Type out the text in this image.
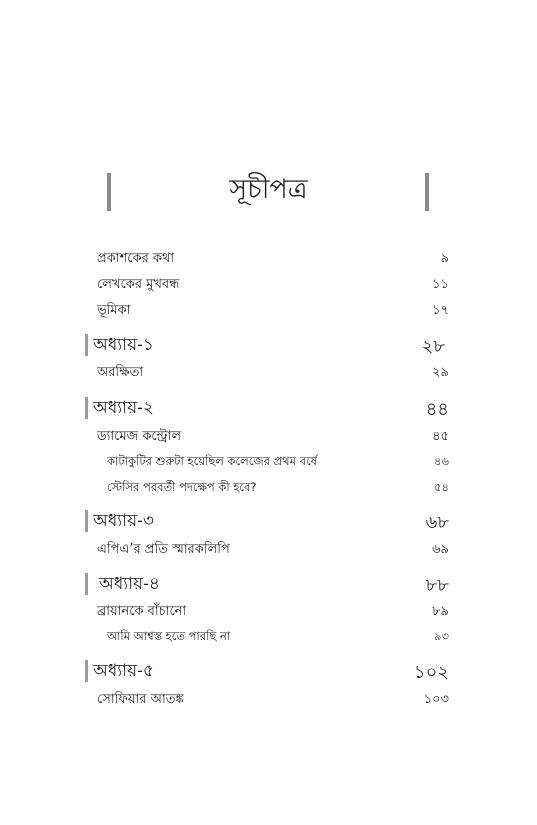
সূচীপত্র
প্রকাশকের কথা	৯
লেখকের মুখবন্ধ	১১
ভূমিকা	১৭
অধ্যায়-১	২৮
অরক্ষিতা	২৯
অধ্যায়-২	৪৪
ড্যামেজ কন্ট্রোল	৪৫
কাটাকুটির শুরুটা হয়েছিল কলেজের প্রথম বর্ষে	৪৬
স্টেসির পরবর্তী পদক্ষেপ কী হবে?	৫৪
অধ্যায়-৩	৬৮
এপিএ’র প্রতি স্মারকলিপি	৬৯
অধ্যায়-৪	৮৮
ব্রায়ানকে বাঁচানো	৮৯
আমি আশ্বস্ত হতে পারছি না	৯৩
অধ্যায়-৫	১০২
সোফিয়ার আতঙ্ক	১০৩
